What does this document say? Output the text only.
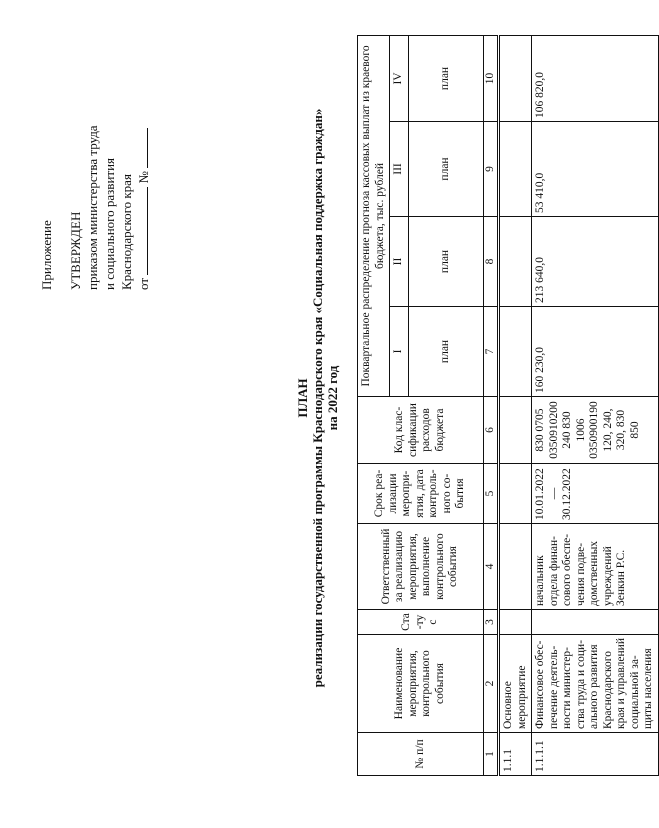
Приложение УТВЕРЖДЕН приказом министерства труда и социального развития Краснодарского края от  №
ПЛАН реализации государственной программы Краснодарского края «Социальная поддержка граждан» на 2022 год
№ п/п	Наименование мероприятия, контрольного события	Ста-тус	Ответственный за реализацию мероприятия, выполнение контрольного события	Срок реа-лизации меропри-ятия, дата контроль-ного со-бытия	Код клас-сификации расходов бюджета	Поквартальное распределение прогноза кассовых выплат из краевого бюджета, тыс. рублей			
						I	II	III	IV
						план	план	план	план
1	2	3	4	5	6	7	8	9	10
1.1.1	Основное мероприятие								
1.1.1.1	Финансовое обес-печение деятель-ности министер-ства труда и соци-ального развития Краснодарского края и управлений социальной за-щиты населения		начальник отдела финан-сового обеспе-чения подве-домственных учреждений Зенкин Р.С.	10.01.2022 — 30.12.2022	830 0705 0350910200 240 830 1006 0350900190 120, 240, 320, 830 850	160 230,0	213 640,0	53 410,0	106 820,0
